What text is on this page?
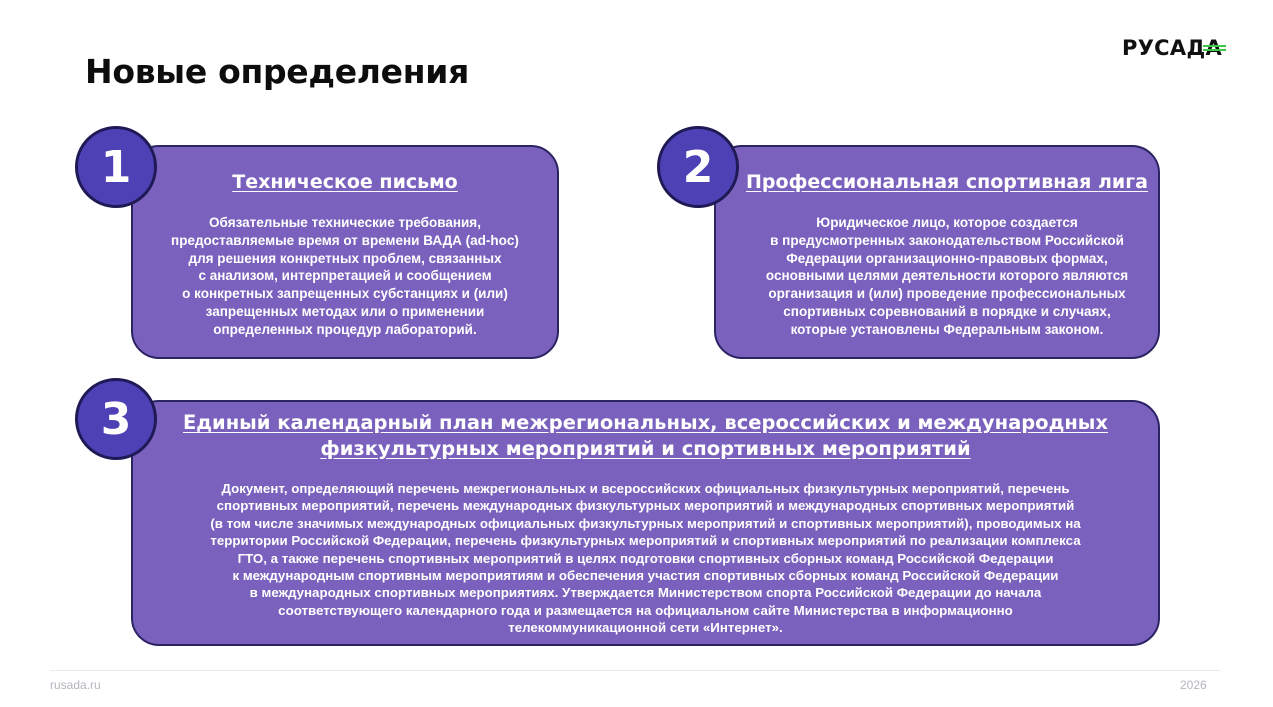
РУСАД А
Новые определения
Техническое письмо
Обязательные технические требования,
предоставляемые время от времени ВАДА (ad-hoc)
для решения конкретных проблем, связанных
с анализом, интерпретацией и сообщением
о конкретных запрещенных субстанциях и (или)
запрещенных методах или о применении
определенных процедур лабораторий.
1	Профессиональная спортивная лига
Юридическое лицо, которое создается
в предусмотренных законодательством Российской
Федерации организационно-правовых формах,
основными целями деятельности которого являются
организация и (или) проведение профессиональных
спортивных соревнований в порядке и случаях,
которые установлены Федеральным законом.
2
Единый календарный план межрегиональных, всероссийских и международных
физкультурных мероприятий и спортивных мероприятий
Документ, определяющий перечень межрегиональных и всероссийских официальных физкультурных мероприятий, перечень
спортивных мероприятий, перечень международных физкультурных мероприятий и международных спортивных мероприятий
(в том числе значимых международных официальных физкультурных мероприятий и спортивных мероприятий), проводимых на
территории Российской Федерации, перечень физкультурных мероприятий и спортивных мероприятий по реализации комплекса
ГТО, а также перечень спортивных мероприятий в целях подготовки спортивных сборных команд Российской Федерации
к международным спортивным мероприятиям и обеспечения участия спортивных сборных команд Российской Федерации
в международных спортивных мероприятиях. Утверждается Министерством спорта Российской Федерации до начала
соответствующего календарного года и размещается на официальном сайте Министерства в информационно
телекоммуникационной сети «Интернет».
3
rusada.ru	2026
